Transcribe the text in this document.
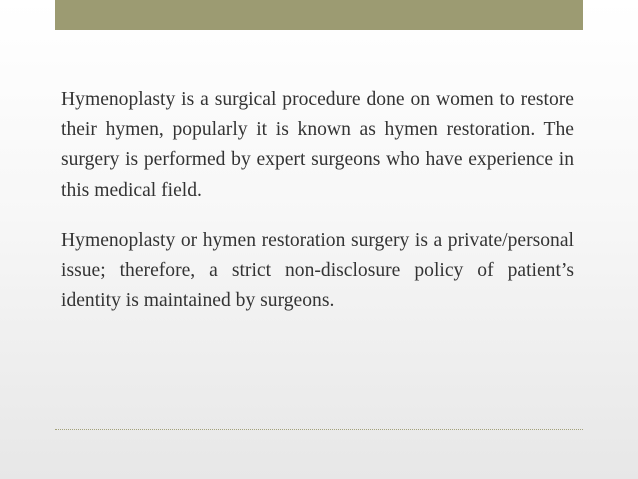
Hymenoplasty is a surgical procedure done on women to restore their hymen, popularly it is known as hymen restoration. The surgery is performed by expert surgeons who have experience in this medical field.

Hymenoplasty or hymen restoration surgery is a private/personal issue; therefore, a strict non-disclosure policy of patient’s identity is maintained by surgeons.
